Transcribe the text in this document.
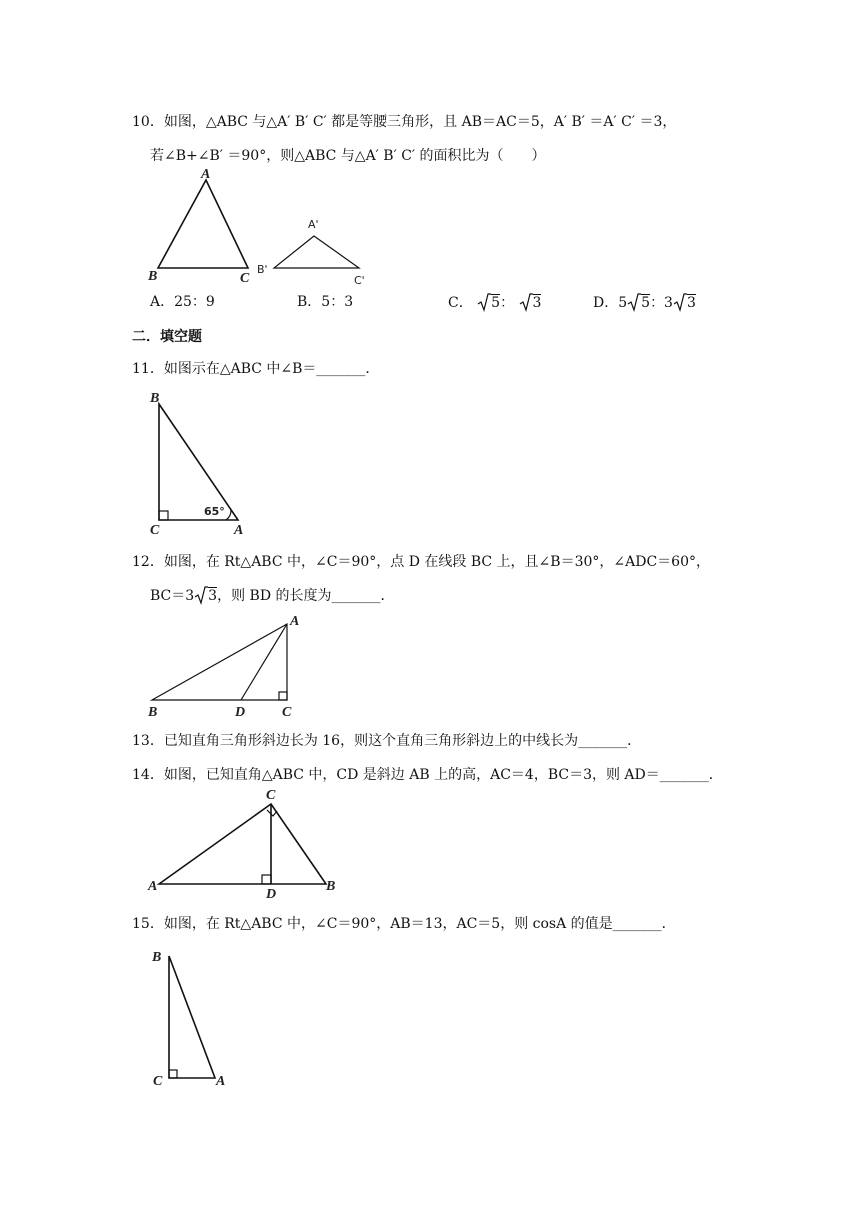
10．如图，△ABC 与△A′ B′ C′ 都是等腰三角形，且 AB＝AC＝5，A′ B′ ＝A′ C′ ＝3，
若∠B+∠B′ ＝90°，则△ABC 与△A′ B′ C′ 的面积比为（　　）
A
B	C
A'
B'
C'
A．25：9	B．5：3	C． 5： 3	D．5 5：3 3
二．填空题
11．如图示在△ABC 中∠B＝_______．
65°
B
C	A
12．如图，在 Rt△ABC 中，∠C＝90°，点 D 在线段 BC 上，且∠B＝30°，∠ADC＝60°，
BC＝3 3，则 BD 的长度为_______．
A
B	D	C
13．已知直角三角形斜边长为 16，则这个直角三角形斜边上的中线长为_______．
14．如图，已知直角△ABC 中，CD 是斜边 AB 上的高，AC＝4，BC＝3，则 AD＝_______．
C
A
D
B
15．如图，在 Rt△ABC 中，∠C＝90°，AB＝13，AC＝5，则 cosA 的值是_______．
B
C	A
